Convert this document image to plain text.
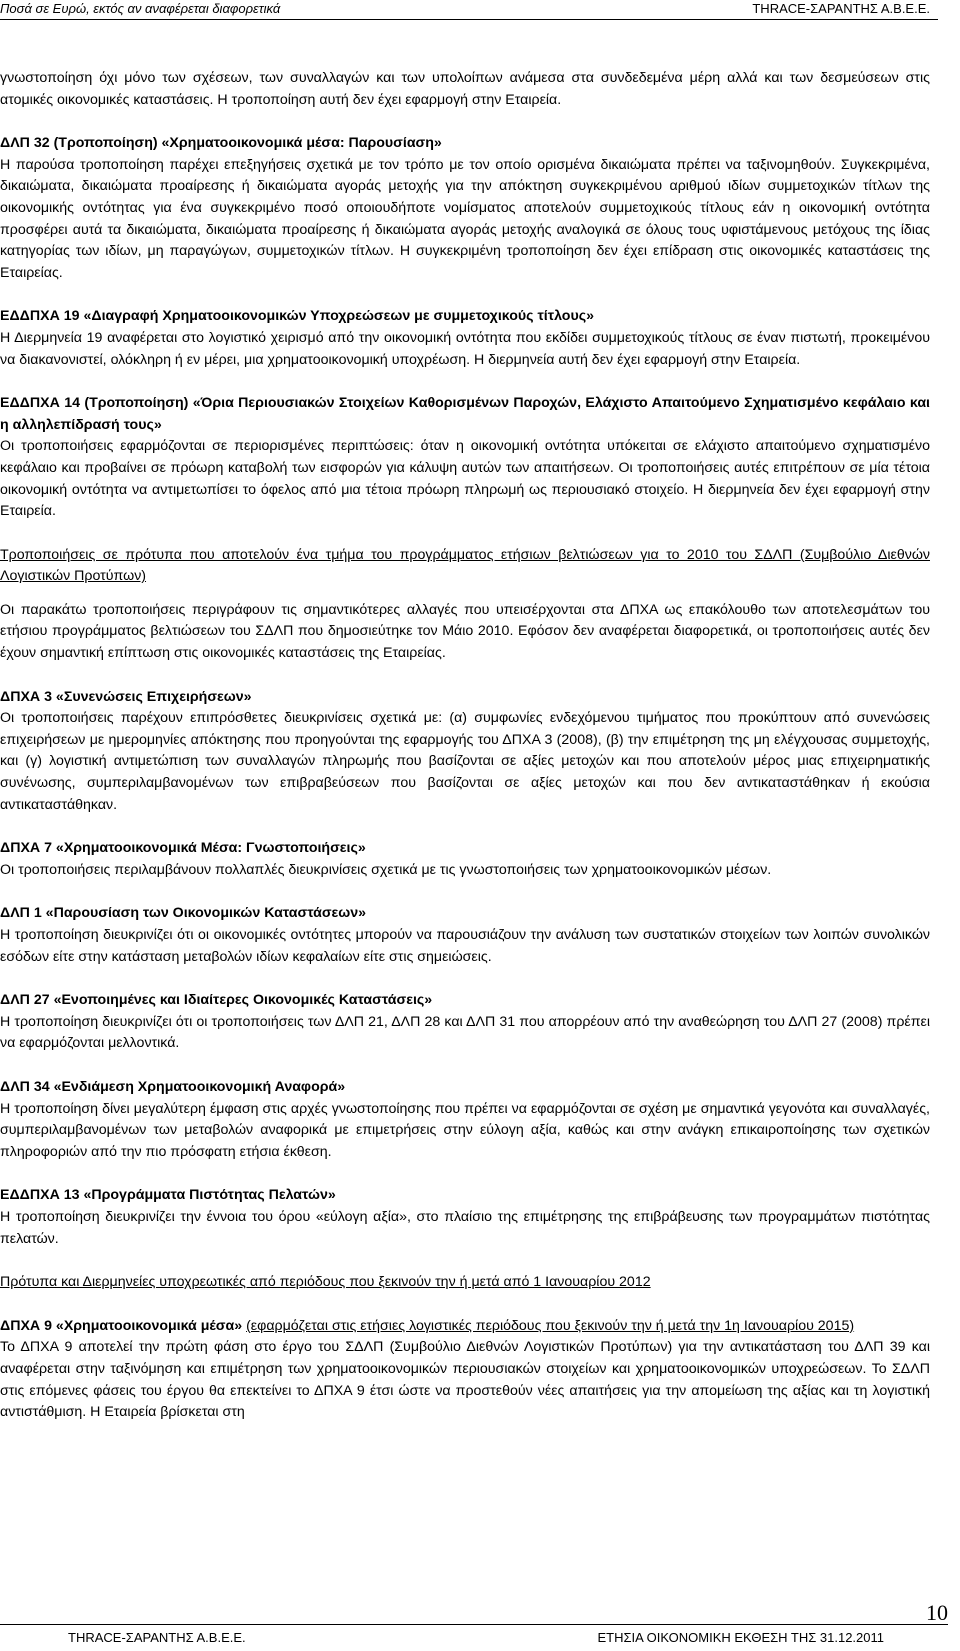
Ποσά σε Ευρώ, εκτός αν αναφέρεται διαφορετικά	THRACE-ΣΑΡΑΝΤΗΣ Α.Β.Ε.Ε.

γνωστοποίηση όχι μόνο των σχέσεων, των συναλλαγών και των υπολοίπων ανάμεσα στα συνδεδεμένα μέρη αλλά και των δεσμεύσεων στις ατομικές οικονομικές καταστάσεις. Η τροποποίηση αυτή δεν έχει εφαρμογή στην Εταιρεία.

ΔΛΠ 32 (Τροποποίηση) «Χρηματοοικονομικά μέσα: Παρουσίαση»

Η παρούσα τροποποίηση παρέχει επεξηγήσεις σχετικά με τον τρόπο με τον οποίο ορισμένα δικαιώματα πρέπει να ταξινομηθούν. Συγκεκριμένα, δικαιώματα, δικαιώματα προαίρεσης ή δικαιώματα αγοράς μετοχής για την απόκτηση συγκεκριμένου αριθμού ιδίων συμμετοχικών τίτλων της οικονομικής οντότητας για ένα συγκεκριμένο ποσό οποιουδήποτε νομίσματος αποτελούν συμμετοχικούς τίτλους εάν η οικονομική οντότητα προσφέρει αυτά τα δικαιώματα, δικαιώματα προαίρεσης ή δικαιώματα αγοράς μετοχής αναλογικά σε όλους τους υφιστάμενους μετόχους της ίδιας κατηγορίας των ιδίων, μη παραγώγων, συμμετοχικών τίτλων. Η συγκεκριμένη τροποποίηση δεν έχει επίδραση στις οικονομικές καταστάσεις της Εταιρείας.

ΕΔΔΠΧΑ 19 «Διαγραφή Χρηματοοικονομικών Υποχρεώσεων με συμμετοχικούς τίτλους»

Η Διερμηνεία 19 αναφέρεται στο λογιστικό χειρισμό από την οικονομική οντότητα που εκδίδει συμμετοχικούς τίτλους σε έναν πιστωτή, προκειμένου να διακανονιστεί, ολόκληρη ή εν μέρει, μια χρηματοοικονομική υποχρέωση. Η διερμηνεία αυτή δεν έχει εφαρμογή στην Εταιρεία.

ΕΔΔΠΧΑ 14 (Τροποποίηση) «Όρια Περιουσιακών Στοιχείων Καθορισμένων Παροχών, Ελάχιστο Απαιτούμενο Σχηματισμένο κεφάλαιο και η αλληλεπίδρασή τους»

Οι τροποποιήσεις εφαρμόζονται σε περιορισμένες περιπτώσεις: όταν η οικονομική οντότητα υπόκειται σε ελάχιστο απαιτούμενο σχηματισμένο κεφάλαιο και προβαίνει σε πρόωρη καταβολή των εισφορών για κάλυψη αυτών των απαιτήσεων. Οι τροποποιήσεις αυτές επιτρέπουν σε μία τέτοια οικονομική οντότητα να αντιμετωπίσει το όφελος από μια τέτοια πρόωρη πληρωμή ως περιουσιακό στοιχείο. Η διερμηνεία δεν έχει εφαρμογή στην Εταιρεία.

Τροποποιήσεις σε πρότυπα που αποτελούν ένα τμήμα του προγράμματος ετήσιων βελτιώσεων για το 2010 του ΣΔΛΠ (Συμβούλιο Διεθνών Λογιστικών Προτύπων)

Οι παρακάτω τροποποιήσεις περιγράφουν τις σημαντικότερες αλλαγές που υπεισέρχονται στα ΔΠΧΑ ως επακόλουθο των αποτελεσμάτων του ετήσιου προγράμματος βελτιώσεων του ΣΔΛΠ που δημοσιεύτηκε τον Μάιο 2010. Εφόσον δεν αναφέρεται διαφορετικά, οι τροποποιήσεις αυτές δεν έχουν σημαντική επίπτωση στις οικονομικές καταστάσεις της Εταιρείας.

ΔΠΧΑ 3 «Συνενώσεις Επιχειρήσεων»

Οι τροποποιήσεις παρέχουν επιπρόσθετες διευκρινίσεις σχετικά με: (α) συμφωνίες ενδεχόμενου τιμήματος που προκύπτουν από συνενώσεις επιχειρήσεων με ημερομηνίες απόκτησης που προηγούνται της εφαρμογής του ΔΠΧΑ 3 (2008), (β) την επιμέτρηση της μη ελέγχουσας συμμετοχής, και (γ) λογιστική αντιμετώπιση των συναλλαγών πληρωμής που βασίζονται σε αξίες μετοχών και που αποτελούν μέρος μιας επιχειρηματικής συνένωσης, συμπεριλαμβανομένων των επιβραβεύσεων που βασίζονται σε αξίες μετοχών και που δεν αντικαταστάθηκαν ή εκούσια αντικαταστάθηκαν.

ΔΠΧΑ 7 «Χρηματοοικονομικά Μέσα: Γνωστοποιήσεις»

Οι τροποποιήσεις περιλαμβάνουν πολλαπλές διευκρινίσεις σχετικά με τις γνωστοποιήσεις των χρηματοοικονομικών μέσων.

ΔΛΠ 1 «Παρουσίαση των Οικονομικών Καταστάσεων»

Η τροποποίηση διευκρινίζει ότι οι οικονομικές οντότητες μπορούν να παρουσιάζουν την ανάλυση των συστατικών στοιχείων των λοιπών συνολικών εσόδων είτε στην κατάσταση μεταβολών ιδίων κεφαλαίων είτε στις σημειώσεις.

ΔΛΠ 27 «Ενοποιημένες και Ιδιαίτερες Οικονομικές Καταστάσεις»

Η τροποποίηση διευκρινίζει ότι οι τροποποιήσεις των ΔΛΠ 21, ΔΛΠ 28 και ΔΛΠ 31 που απορρέουν από την αναθεώρηση του ΔΛΠ 27 (2008) πρέπει να εφαρμόζονται μελλοντικά.

ΔΛΠ 34 «Ενδιάμεση Χρηματοοικονομική Αναφορά»

Η τροποποίηση δίνει μεγαλύτερη έμφαση στις αρχές γνωστοποίησης που πρέπει να εφαρμόζονται σε σχέση με σημαντικά γεγονότα και συναλλαγές, συμπεριλαμβανομένων των μεταβολών αναφορικά με επιμετρήσεις στην εύλογη αξία, καθώς και στην ανάγκη επικαιροποίησης των σχετικών πληροφοριών από την πιο πρόσφατη ετήσια έκθεση.

ΕΔΔΠΧΑ 13 «Προγράμματα Πιστότητας Πελατών»

Η τροποποίηση διευκρινίζει την έννοια του όρου «εύλογη αξία», στο πλαίσιο της επιμέτρησης της επιβράβευσης των προγραμμάτων πιστότητας πελατών.

Πρότυπα και Διερμηνείες υποχρεωτικές από περιόδους που ξεκινούν την ή μετά από 1 Ιανουαρίου 2012

ΔΠΧΑ 9 «Χρηματοοικονομικά μέσα» (εφαρμόζεται στις ετήσιες λογιστικές περιόδους που ξεκινούν την ή μετά την 1η Ιανουαρίου 2015)

Το ΔΠΧΑ 9 αποτελεί την πρώτη φάση στο έργο του ΣΔΛΠ (Συμβούλιο Διεθνών Λογιστικών Προτύπων) για την αντικατάσταση του ΔΛΠ 39 και αναφέρεται στην ταξινόμηση και επιμέτρηση των χρηματοοικονομικών περιουσιακών στοιχείων και χρηματοοικονομικών υποχρεώσεων. Το ΣΔΛΠ στις επόμενες φάσεις του έργου θα επεκτείνει το ΔΠΧΑ 9 έτσι ώστε να προστεθούν νέες απαιτήσεις για την απομείωση της αξίας και τη λογιστική αντιστάθμιση. Η Εταιρεία βρίσκεται στη

10
THRACE-ΣΑΡΑΝΤΗΣ Α.Β.Ε.Ε.	ΕΤΗΣΙΑ ΟΙΚΟΝΟΜΙΚΗ ΕΚΘΕΣΗ ΤΗΣ 31.12.2011
